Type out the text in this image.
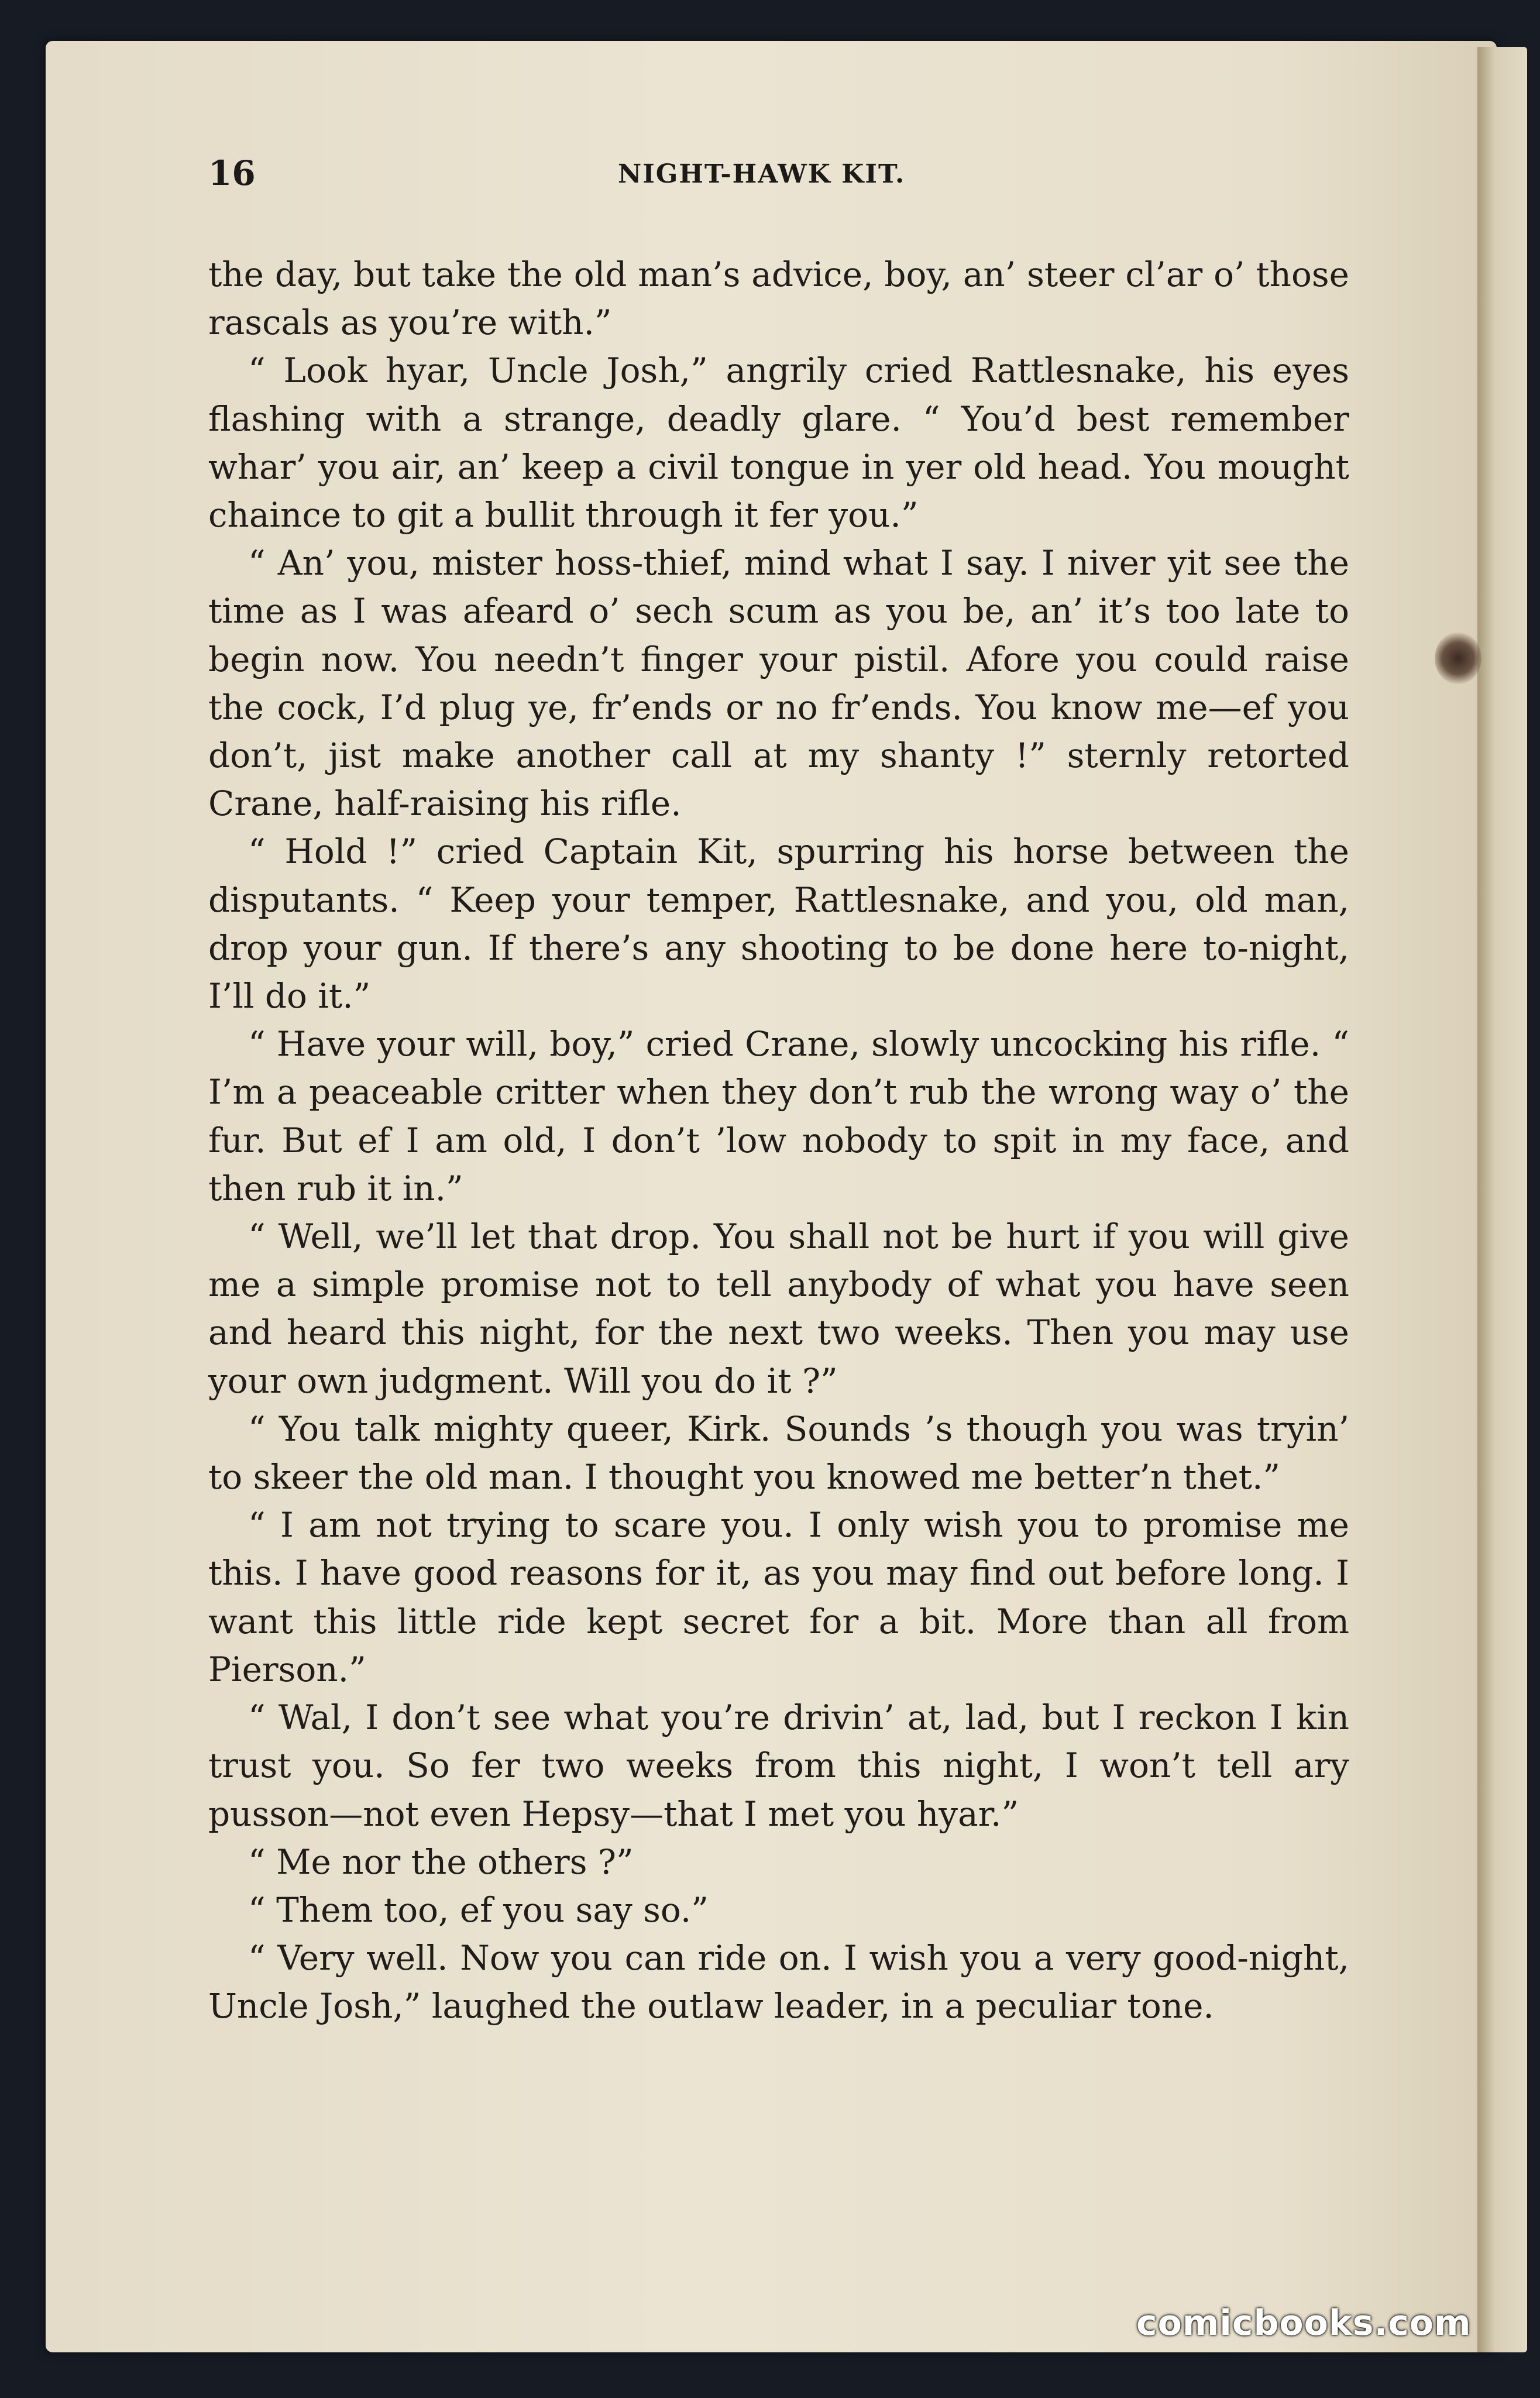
16	NIGHT-HAWK KIT.

the day, but take the old man’s advice, boy, an’ steer cl’ar o’ those rascals as you’re with.”

“ Look hyar, Uncle Josh,” angrily cried Rattlesnake, his eyes flashing with a strange, deadly glare. “ You’d best remember whar’ you air, an’ keep a civil tongue in yer old head. You mought chaince to git a bullit through it fer you.”

“ An’ you, mister hoss-thief, mind what I say. I niver yit see the time as I was afeard o’ sech scum as you be, an’ it’s too late to begin now. You needn’t finger your pistil. Afore you could raise the cock, I’d plug ye, fr’ends or no fr’ends. You know me—ef you don’t, jist make another call at my shanty !” sternly retorted Crane, half-raising his rifle.

“ Hold !” cried Captain Kit, spurring his horse between the disputants. “ Keep your temper, Rattlesnake, and you, old man, drop your gun. If there’s any shooting to be done here to-night, I’ll do it.”

“ Have your will, boy,” cried Crane, slowly uncocking his rifle. “ I’m a peaceable critter when they don’t rub the wrong way o’ the fur. But ef I am old, I don’t ’low nobody to spit in my face, and then rub it in.”

“ Well, we’ll let that drop. You shall not be hurt if you will give me a simple promise not to tell anybody of what you have seen and heard this night, for the next two weeks. Then you may use your own judgment. Will you do it ?”

“ You talk mighty queer, Kirk. Sounds ’s though you was tryin’ to skeer the old man. I thought you knowed me better’n thet.”

“ I am not trying to scare you. I only wish you to promise me this. I have good reasons for it, as you may find out before long. I want this little ride kept secret for a bit. More than all from Pierson.”

“ Wal, I don’t see what you’re drivin’ at, lad, but I reckon I kin trust you. So fer two weeks from this night, I won’t tell ary pusson—not even Hepsy—that I met you hyar.”

“ Me nor the others ?”

“ Them too, ef you say so.”

“ Very well. Now you can ride on. I wish you a very good-night, Uncle Josh,” laughed the outlaw leader, in a peculiar tone.

comicbooks.com
